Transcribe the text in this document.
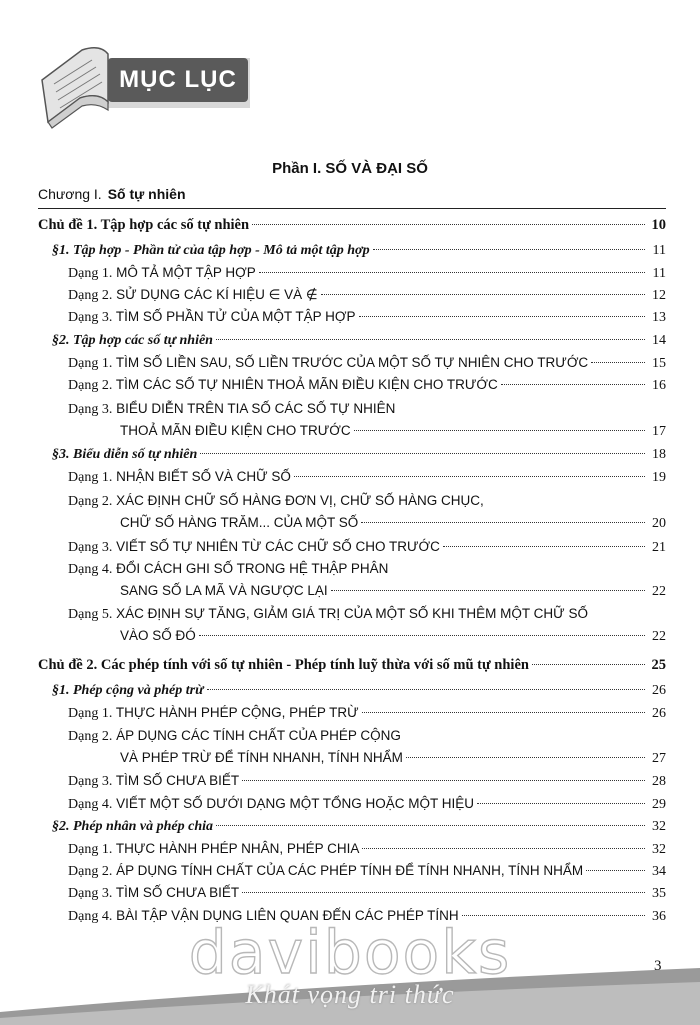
MỤC LỤC
Phần I. SỐ VÀ ĐẠI SỐ
Chương I. Số tự nhiên
Chủ đề 1. Tập hợp các số tự nhiên	10
§1. Tập hợp - Phần tử của tập hợp - Mô tả một tập hợp	11
Dạng 1. MÔ TẢ MỘT TẬP HỢP	11
Dạng 2. SỬ DỤNG CÁC KÍ HIỆU ∈ VÀ ∉	12
Dạng 3. TÌM SỐ PHẦN TỬ CỦA MỘT TẬP HỢP	13
§2. Tập hợp các số tự nhiên	14
Dạng 1. TÌM SỐ LIỀN SAU, SỐ LIỀN TRƯỚC CỦA MỘT SỐ TỰ NHIÊN CHO TRƯỚC	15
Dạng 2. TÌM CÁC SỐ TỰ NHIÊN THOẢ MÃN ĐIỀU KIỆN CHO TRƯỚC	16
Dạng 3. BIỂU DIỄN TRÊN TIA SỐ CÁC SỐ TỰ NHIÊN
THOẢ MÃN ĐIỀU KIỆN CHO TRƯỚC	17
§3. Biểu diễn số tự nhiên	18
Dạng 1. NHẬN BIẾT SỐ VÀ CHỮ SỐ	19
Dạng 2. XÁC ĐỊNH CHỮ SỐ HÀNG ĐƠN VỊ, CHỮ SỐ HÀNG CHỤC,
CHỮ SỐ HÀNG TRĂM... CỦA MỘT SỐ	20
Dạng 3. VIẾT SỐ TỰ NHIÊN TỪ CÁC CHỮ SỐ CHO TRƯỚC	21
Dạng 4. ĐỔI CÁCH GHI SỐ TRONG HỆ THẬP PHÂN
SANG SỐ LA MÃ VÀ NGƯỢC LẠI	22
Dạng 5. XÁC ĐỊNH SỰ TĂNG, GIẢM GIÁ TRỊ CỦA MỘT SỐ KHI THÊM MỘT CHỮ SỐ
VÀO SỐ ĐÓ	22
Chủ đề 2. Các phép tính với số tự nhiên - Phép tính luỹ thừa với số mũ tự nhiên	25
§1. Phép cộng và phép trừ	26
Dạng 1. THỰC HÀNH PHÉP CỘNG, PHÉP TRỪ	26
Dạng 2. ÁP DỤNG CÁC TÍNH CHẤT CỦA PHÉP CỘNG
VÀ PHÉP TRỪ ĐỂ TÍNH NHANH, TÍNH NHẨM	27
Dạng 3. TÌM SỐ CHƯA BIẾT	28
Dạng 4. VIẾT MỘT SỐ DƯỚI DẠNG MỘT TỔNG HOẶC MỘT HIỆU	29
§2. Phép nhân và phép chia	32
Dạng 1. THỰC HÀNH PHÉP NHÂN, PHÉP CHIA	32
Dạng 2. ÁP DỤNG TÍNH CHẤT CỦA CÁC PHÉP TÍNH ĐỂ TÍNH NHANH, TÍNH NHẨM	34
Dạng 3. TÌM SỐ CHƯA BIẾT	35
Dạng 4. BÀI TẬP VẬN DỤNG LIÊN QUAN ĐẾN CÁC PHÉP TÍNH	36
davibooks
Khát vọng tri thức
3
